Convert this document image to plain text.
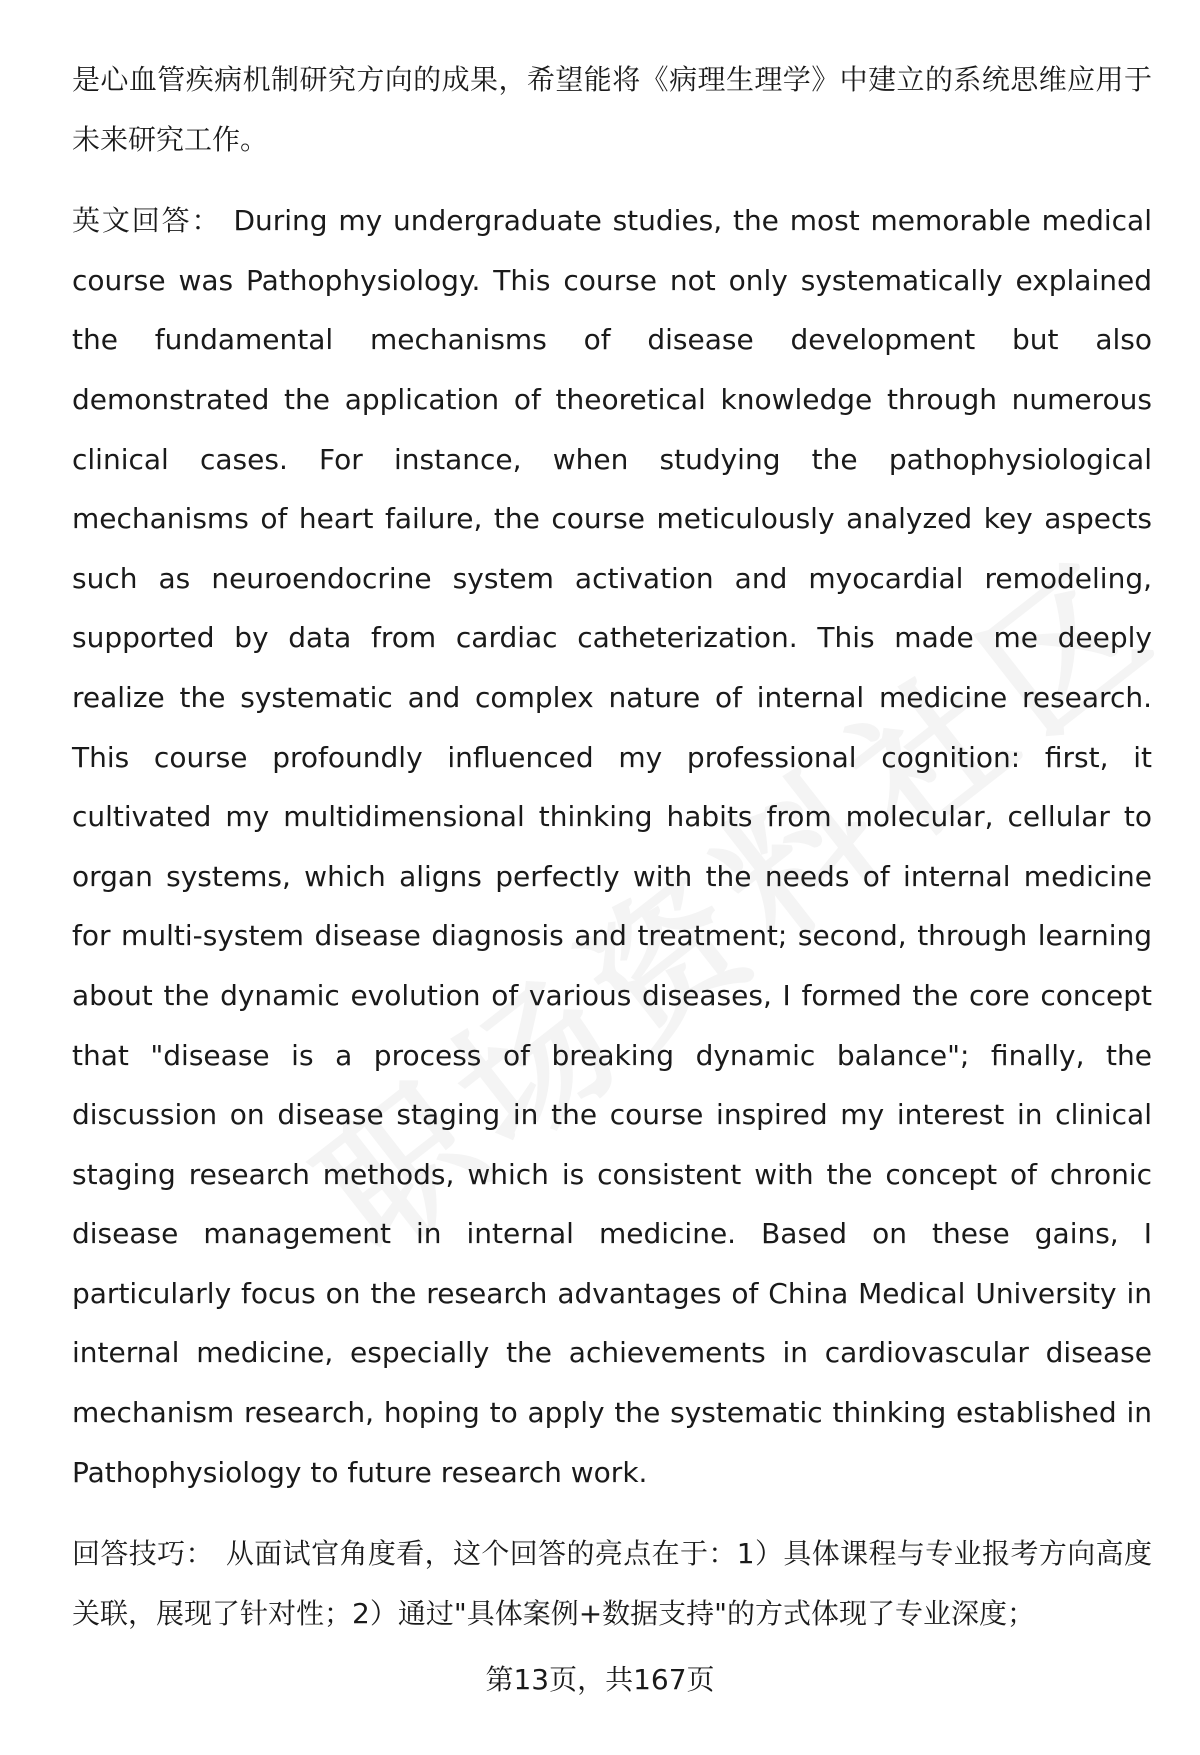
是心血管疾病机制研究方向的成果，希望能将《病理生理学》中建立的系统思维应用于未来研究工作。

英文回答： During my undergraduate studies, the most memorable medical course was Pathophysiology. This course not only systematically explained the fundamental mechanisms of disease development but also demonstrated the application of theoretical knowledge through numerous clinical cases. For instance, when studying the pathophysiological mechanisms of heart failure, the course meticulously analyzed key aspects such as neuroendocrine system activation and myocardial remodeling, supported by data from cardiac catheterization. This made me deeply realize the systematic and complex nature of internal medicine research. This course profoundly influenced my professional cognition: first, it cultivated my multidimensional thinking habits from molecular, cellular to organ systems, which aligns perfectly with the needs of internal medicine for multi-system disease diagnosis and treatment; second, through learning about the dynamic evolution of various diseases, I formed the core concept that "disease is a process of breaking dynamic balance"; finally, the discussion on disease staging in the course inspired my interest in clinical staging research methods, which is consistent with the concept of chronic disease management in internal medicine. Based on these gains, I particularly focus on the research advantages of China Medical University in internal medicine, especially the achievements in cardiovascular disease mechanism research, hoping to apply the systematic thinking established in Pathophysiology to future research work.

回答技巧： 从面试官角度看，这个回答的亮点在于：1）具体课程与专业报考方向高度关联，展现了针对性；2）通过"具体案例+数据支持"的方式体现了专业深度；

第13页，共167页
